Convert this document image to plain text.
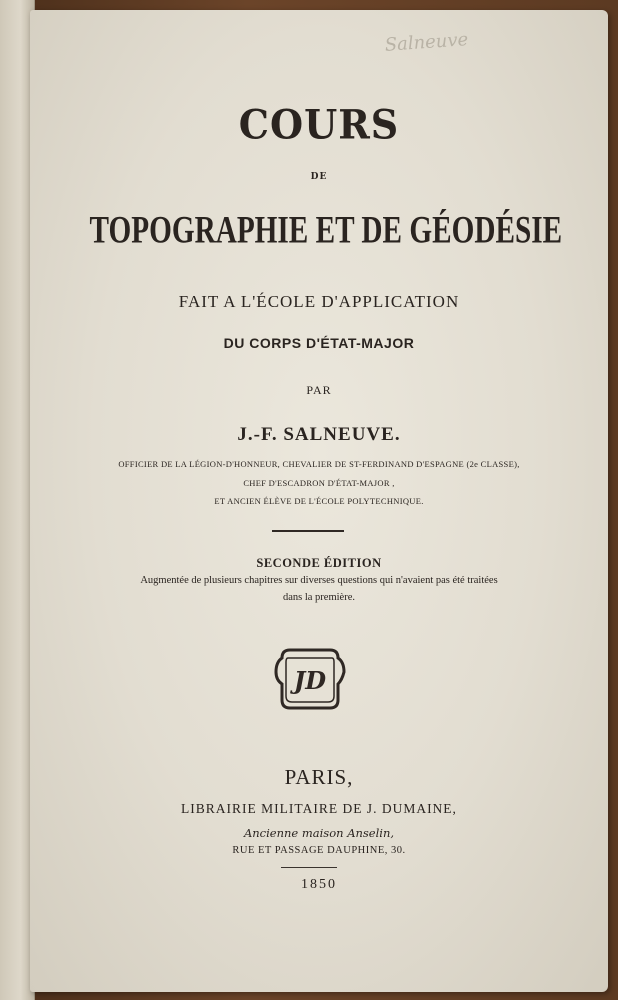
Salneuve

COURS

DE

TOPOGRAPHIE ET DE GÉODÉSIE

FAIT A L'ÉCOLE D'APPLICATION

DU CORPS D'ÉTAT-MAJOR

PAR

J.-F. SALNEUVE.

OFFICIER DE LA LÉGION-D'HONNEUR, CHEVALIER DE ST-FERDINAND D'ESPAGNE (2e CLASSE),

CHEF D'ESCADRON D'ÉTAT-MAJOR ,

ET ANCIEN ÉLÈVE DE L'ÉCOLE POLYTECHNIQUE.

SECONDE ÉDITION

Augmentée de plusieurs chapitres sur diverses questions qui n'avaient pas été traitées

dans la première.

JD

PARIS,

LIBRAIRIE MILITAIRE DE J. DUMAINE,

Ancienne maison Anselin,

RUE ET PASSAGE DAUPHINE, 30.

1850
